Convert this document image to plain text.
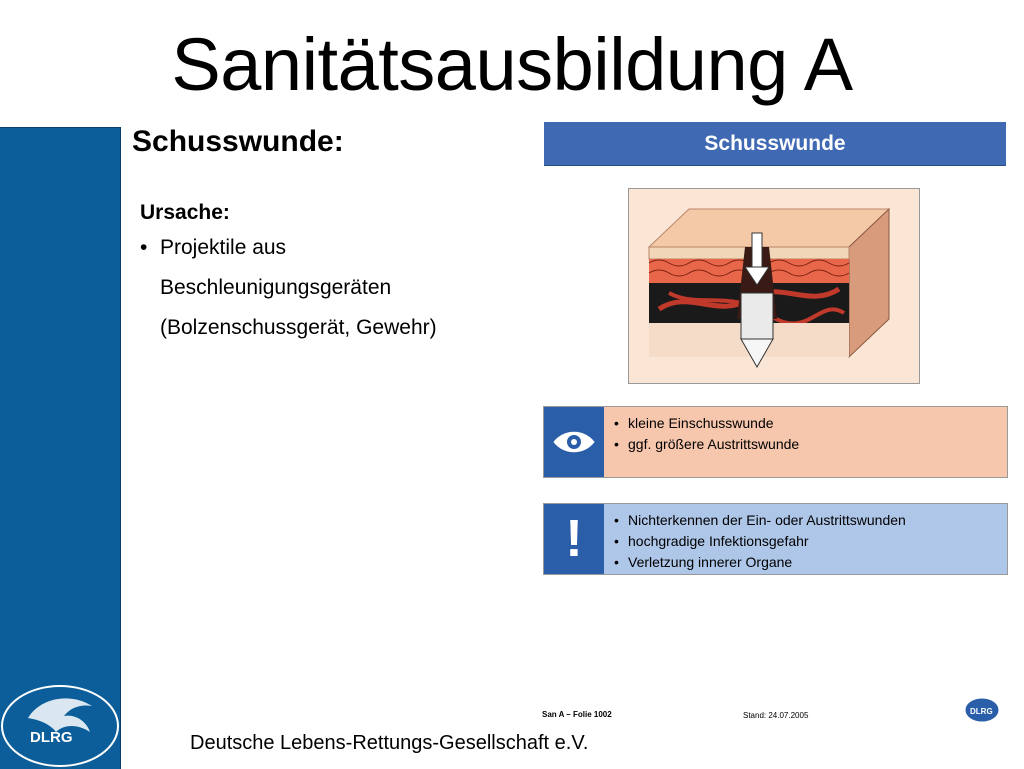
DLRG
Sanitätsausbildung A
Schusswunde:
Ursache:
• Projektile aus
Beschleunigungsgeräten
(Bolzenschussgerät, Gewehr)
Schusswunde
• kleine Einschusswunde
• ggf. größere Austrittswunde
! • Nichterkennen der Ein- oder Austrittswunden
• hochgradige Infektionsgefahr
• Verletzung innerer Organe
San A – Folie 1002	Stand: 24.07.2005	DLRG
Deutsche Lebens-Rettungs-Gesellschaft e.V.
